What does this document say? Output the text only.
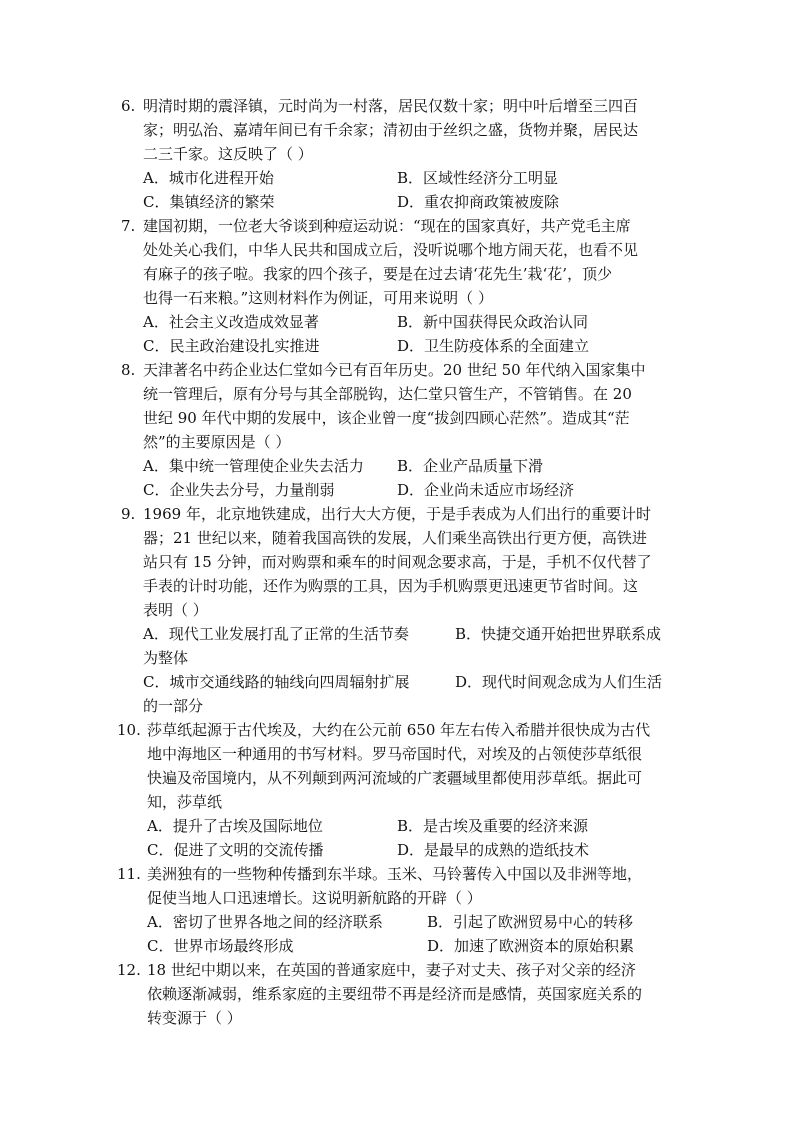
6. 明清时期的震泽镇，元时尚为一村落，居民仅数十家；明中叶后增至三四百
家；明弘治、嘉靖年间已有千余家；清初由于丝织之盛，货物并聚，居民达
二三千家。这反映了（ ）
A．城市化进程开始	B．区域性经济分工明显
C．集镇经济的繁荣	D．重农抑商政策被废除
7. 建国初期，一位老大爷谈到种痘运动说：“现在的国家真好，共产党毛主席
处处关心我们，中华人民共和国成立后，没听说哪个地方闹天花，也看不见
有麻子的孩子啦。我家的四个孩子，要是在过去请‘花先生’栽‘花’，顶少
也得一石来粮。”这则材料作为例证，可用来说明（ ）
A．社会主义改造成效显著	B．新中国获得民众政治认同
C．民主政治建设扎实推进	D．卫生防疫体系的全面建立
8. 天津著名中药企业达仁堂如今已有百年历史。20 世纪 50 年代纳入国家集中
统一管理后，原有分号与其全部脱钩，达仁堂只管生产，不管销售。在 20
世纪 90 年代中期的发展中，该企业曾一度“拔剑四顾心茫然”。造成其“茫
然”的主要原因是（ ）
A．集中统一管理使企业失去活力 B．企业产品质量下滑
C．企业失去分号，力量削弱	D．企业尚未适应市场经济
9. 1969 年，北京地铁建成，出行大大方便，于是手表成为人们出行的重要计时
器；21 世纪以来，随着我国高铁的发展，人们乘坐高铁出行更方便，高铁进
站只有 15 分钟，而对购票和乘车的时间观念要求高，于是，手机不仅代替了
手表的计时功能，还作为购票的工具，因为手机购票更迅速更节省时间。这
表明（ ）
A．现代工业发展打乱了正常的生活节奏	B．快捷交通开始把世界联系成
为整体
C．城市交通线路的轴线向四周辐射扩展	D．现代时间观念成为人们生活
的一部分
10. 莎草纸起源于古代埃及，大约在公元前 650 年左右传入希腊并很快成为古代
地中海地区一种通用的书写材料。罗马帝国时代，对埃及的占领使莎草纸很
快遍及帝国境内，从不列颠到两河流域的广袤疆域里都使用莎草纸。据此可
知，莎草纸
A．提升了古埃及国际地位	B．是古埃及重要的经济来源
C．促进了文明的交流传播	D．是最早的成熟的造纸技术
11. 美洲独有的一些物种传播到东半球。玉米、马铃薯传入中国以及非洲等地，
促使当地人口迅速增长。这说明新航路的开辟（ ）
A．密切了世界各地之间的经济联系	B．引起了欧洲贸易中心的转移
C．世界市场最终形成	D．加速了欧洲资本的原始积累
12. 18 世纪中期以来，在英国的普通家庭中，妻子对丈夫、孩子对父亲的经济
依赖逐渐减弱，维系家庭的主要纽带不再是经济而是感情，英国家庭关系的
转变源于（ ）
